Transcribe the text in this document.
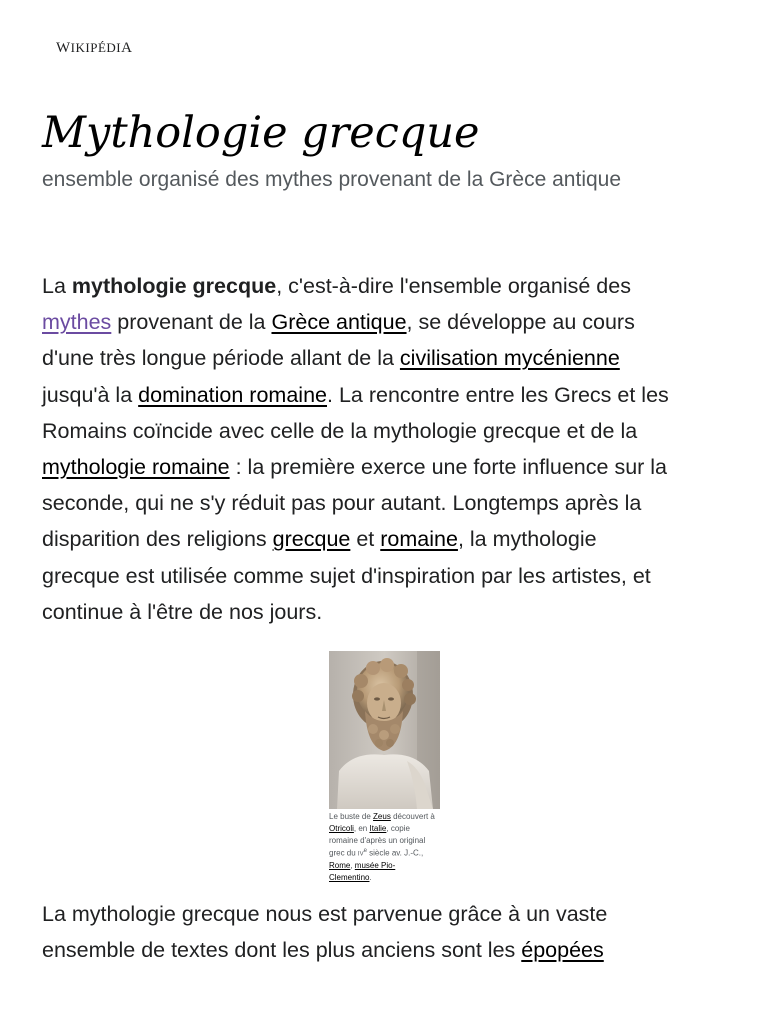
WIKIPÉDIA
Mythologie grecque
ensemble organisé des mythes provenant de la Grèce antique

La mythologie grecque, c'est-à-dire l'ensemble organisé des
mythes provenant de la Grèce antique, se développe au cours
d'une très longue période allant de la civilisation mycénienne
jusqu'à la domination romaine. La rencontre entre les Grecs et les
Romains coïncide avec celle de la mythologie grecque et de la
mythologie romaine : la première exerce une forte influence sur la
seconde, qui ne s'y réduit pas pour autant. Longtemps après la
disparition des religions grecque et romaine, la mythologie
grecque est utilisée comme sujet d'inspiration par les artistes, et
continue à l'être de nos jours.

Le buste de Zeus découvert à
Otricoli, en Italie, copie
romaine d'après un original
grec du $iv^e$ siècle av. J.-C.,
Rome, musée Pio-
Clementino.

La mythologie grecque nous est parvenue grâce à un vaste
ensemble de textes dont les plus anciens sont les épopées
